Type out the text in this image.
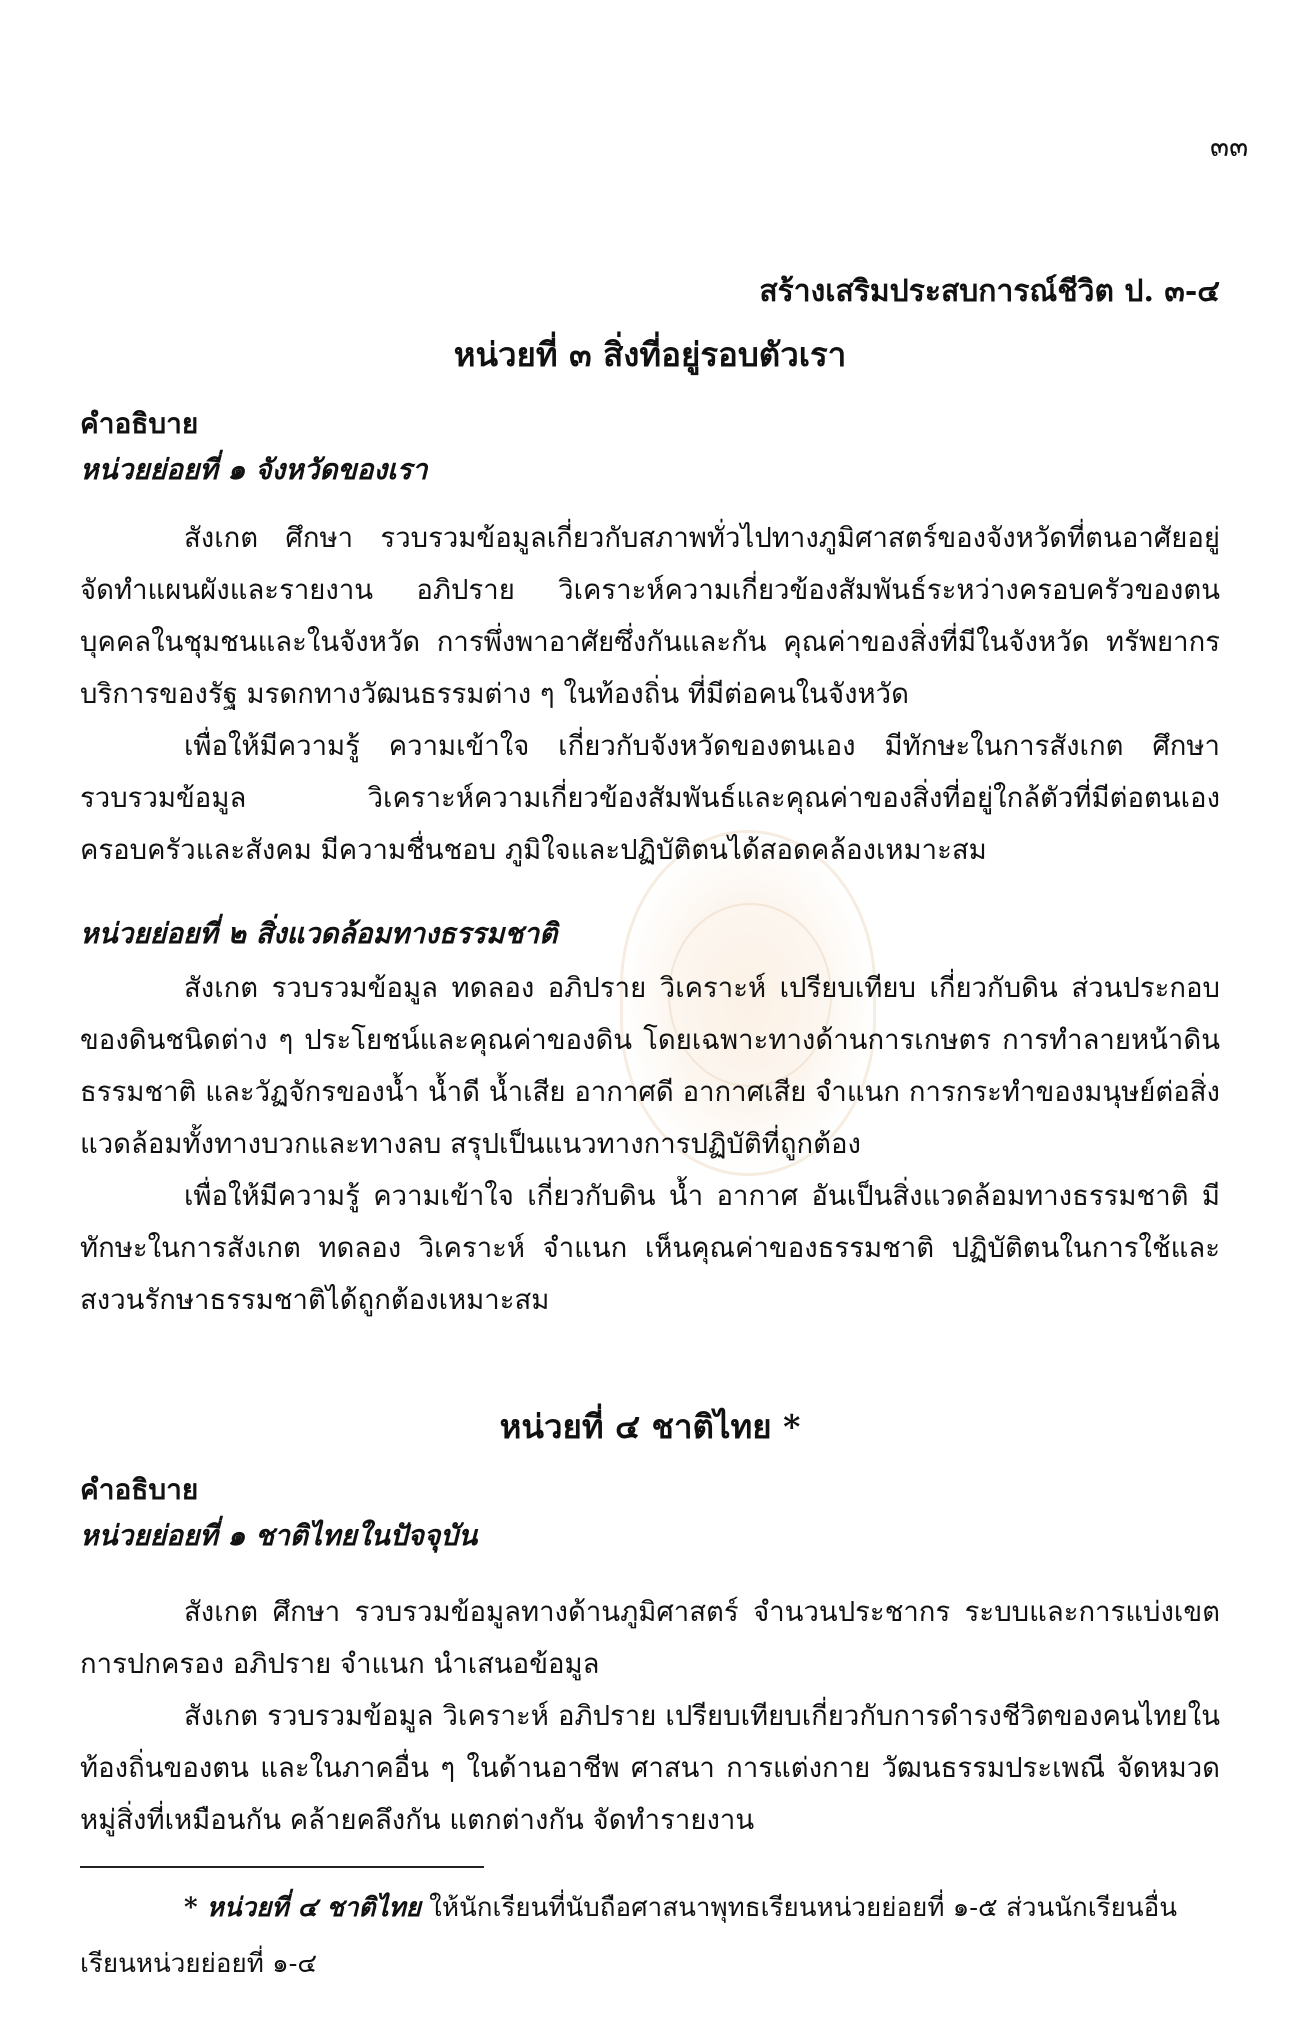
๓๓
สร้างเสริมประสบการณ์ชีวิต ป. ๓-๔
หน่วยที่ ๓ สิ่งที่อยู่รอบตัวเรา
คำอธิบาย
หน่วยย่อยที่ ๑ จังหวัดของเรา

สังเกต ศึกษา รวบรวมข้อมูลเกี่ยวกับสภาพทั่วไปทางภูมิศาสตร์ของจังหวัดที่ตนอาศัยอยู่ จัดทำแผนผังและรายงาน อภิปราย วิเคราะห์ความเกี่ยวข้องสัมพันธ์ระหว่างครอบครัวของตน บุคคลในชุมชนและในจังหวัด การพึ่งพาอาศัยซึ่งกันและกัน คุณค่าของสิ่งที่มีในจังหวัด ทรัพยากร บริการของรัฐ มรดกทางวัฒนธรรมต่าง ๆ ในท้องถิ่น ที่มีต่อคนในจังหวัด

เพื่อให้มีความรู้ ความเข้าใจ เกี่ยวกับจังหวัดของตนเอง มีทักษะในการสังเกต ศึกษารวบรวมข้อมูล วิเคราะห์ความเกี่ยวข้องสัมพันธ์และคุณค่าของสิ่งที่อยู่ใกล้ตัวที่มีต่อตนเอง ครอบครัวและสังคม มีความชื่นชอบ ภูมิใจและปฏิบัติตนได้สอดคล้องเหมาะสม

หน่วยย่อยที่ ๒ สิ่งแวดล้อมทางธรรมชาติ

สังเกต รวบรวมข้อมูล ทดลอง อภิปราย วิเคราะห์ เปรียบเทียบ เกี่ยวกับดิน ส่วนประกอบของดินชนิดต่าง ๆ ประโยชน์และคุณค่าของดิน โดยเฉพาะทางด้านการเกษตร การทำลายหน้าดินธรรมชาติ และวัฏจักรของน้ำ น้ำดี น้ำเสีย อากาศดี อากาศเสีย จำแนก การกระทำของมนุษย์ต่อสิ่งแวดล้อมทั้งทางบวกและทางลบ สรุปเป็นแนวทางการปฏิบัติที่ถูกต้อง

เพื่อให้มีความรู้ ความเข้าใจ เกี่ยวกับดิน น้ำ อากาศ อันเป็นสิ่งแวดล้อมทางธรรมชาติ มีทักษะในการสังเกต ทดลอง วิเคราะห์ จำแนก เห็นคุณค่าของธรรมชาติ ปฏิบัติตนในการใช้และสงวนรักษาธรรมชาติได้ถูกต้องเหมาะสม

หน่วยที่ ๔ ชาติไทย *
คำอธิบาย
หน่วยย่อยที่ ๑ ชาติไทยในปัจจุบัน

สังเกต ศึกษา รวบรวมข้อมูลทางด้านภูมิศาสตร์ จำนวนประชากร ระบบและการแบ่งเขตการปกครอง อภิปราย จำแนก นำเสนอข้อมูล

สังเกต รวบรวมข้อมูล วิเคราะห์ อภิปราย เปรียบเทียบเกี่ยวกับการดำรงชีวิตของคนไทยในท้องถิ่นของตน และในภาคอื่น ๆ ในด้านอาชีพ ศาสนา การแต่งกาย วัฒนธรรมประเพณี จัดหมวดหมู่สิ่งที่เหมือนกัน คล้ายคลึงกัน แตกต่างกัน จัดทำรายงาน

* หน่วยที่ ๔ ชาติไทย ให้นักเรียนที่นับถือศาสนาพุทธเรียนหน่วยย่อยที่ ๑-๕ ส่วนนักเรียนอื่นเรียนหน่วยย่อยที่ ๑-๔
